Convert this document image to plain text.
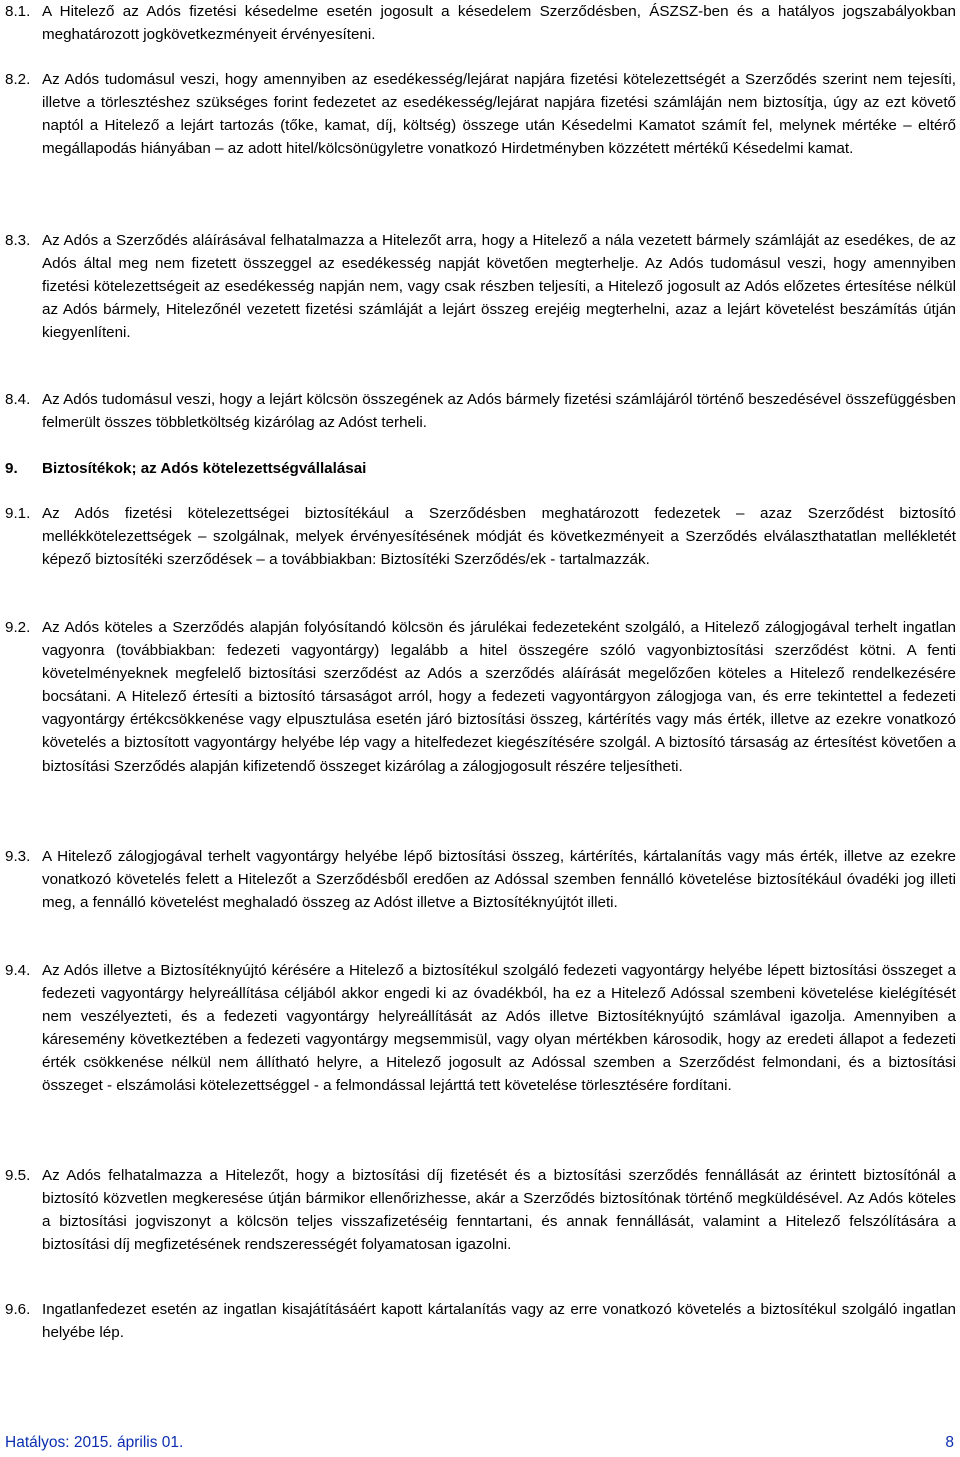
8.1. A Hitelező az Adós fizetési késedelme esetén jogosult a késedelem Szerződésben, ÁSZSZ-ben és a hatályos jogszabályokban meghatározott jogkövetkezményeit érvényesíteni.
8.2. Az Adós tudomásul veszi, hogy amennyiben az esedékesség/lejárat napjára fizetési kötelezettségét a Szerződés szerint nem tejesíti, illetve a törlesztéshez szükséges forint fedezetet az esedékesség/lejárat napjára fizetési számláján nem biztosítja, úgy az ezt követő naptól a Hitelező a lejárt tartozás (tőke, kamat, díj, költség) összege után Késedelmi Kamatot számít fel, melynek mértéke – eltérő megállapodás hiányában – az adott hitel/kölcsönügyletre vonatkozó Hirdetményben közzétett mértékű Késedelmi kamat.
8.3. Az Adós a Szerződés aláírásával felhatalmazza a Hitelezőt arra, hogy a Hitelező a nála vezetett bármely számláját az esedékes, de az Adós által meg nem fizetett összeggel az esedékesség napját követően megterhelje. Az Adós tudomásul veszi, hogy amennyiben fizetési kötelezettségeit az esedékesség napján nem, vagy csak részben teljesíti, a Hitelező jogosult az Adós előzetes értesítése nélkül az Adós bármely, Hitelezőnél vezetett fizetési számláját a lejárt összeg erejéig megterhelni, azaz a lejárt követelést beszámítás útján kiegyenlíteni.
8.4. Az Adós tudomásul veszi, hogy a lejárt kölcsön összegének az Adós bármely fizetési számlájáról történő beszedésével összefüggésben felmerült összes többletköltség kizárólag az Adóst terheli.
9. Biztosítékok; az Adós kötelezettségvállalásai
9.1. Az Adós fizetési kötelezettségei biztosítékául a Szerződésben meghatározott fedezetek – azaz Szerződést biztosító mellékkötelezettségek – szolgálnak, melyek érvényesítésének módját és következményeit a Szerződés elválaszthatatlan mellékletét képező biztosítéki szerződések – a továbbiakban: Biztosítéki Szerződés/ek - tartalmazzák.
9.2. Az Adós köteles a Szerződés alapján folyósítandó kölcsön és járulékai fedezeteként szolgáló, a Hitelező zálogjogával terhelt ingatlan vagyonra (továbbiakban: fedezeti vagyontárgy) legalább a hitel összegére szóló vagyonbiztosítási szerződést kötni. A fenti követelményeknek megfelelő biztosítási szerződést az Adós a szerződés aláírását megelőzően köteles a Hitelező rendelkezésére bocsátani. A Hitelező értesíti a biztosító társaságot arról, hogy a fedezeti vagyontárgyon zálogjoga van, és erre tekintettel a fedezeti vagyontárgy értékcsökkenése vagy elpusztulása esetén járó biztosítási összeg, kártérítés vagy más érték, illetve az ezekre vonatkozó követelés a biztosított vagyontárgy helyébe lép vagy a hitelfedezet kiegészítésére szolgál. A biztosító társaság az értesítést követően a biztosítási Szerződés alapján kifizetendő összeget kizárólag a zálogjogosult részére teljesítheti.
9.3. A Hitelező zálogjogával terhelt vagyontárgy helyébe lépő biztosítási összeg, kártérítés, kártalanítás vagy más érték, illetve az ezekre vonatkozó követelés felett a Hitelezőt a Szerződésből eredően az Adóssal szemben fennálló követelése biztosítékául óvadéki jog illeti meg, a fennálló követelést meghaladó összeg az Adóst illetve a Biztosítéknyújtót illeti.
9.4. Az Adós illetve a Biztosítéknyújtó kérésére a Hitelező a biztosítékul szolgáló fedezeti vagyontárgy helyébe lépett biztosítási összeget a fedezeti vagyontárgy helyreállítása céljából akkor engedi ki az óvadékból, ha ez a Hitelező Adóssal szembeni követelése kielégítését nem veszélyezteti, és a fedezeti vagyontárgy helyreállítását az Adós illetve Biztosítéknyújtó számlával igazolja. Amennyiben a káresemény következtében a fedezeti vagyontárgy megsemmisül, vagy olyan mértékben károsodik, hogy az eredeti állapot a fedezeti érték csökkenése nélkül nem állítható helyre, a Hitelező jogosult az Adóssal szemben a Szerződést felmondani, és a biztosítási összeget - elszámolási kötelezettséggel - a felmondással lejárttá tett követelése törlesztésére fordítani.
9.5. Az Adós felhatalmazza a Hitelezőt, hogy a biztosítási díj fizetését és a biztosítási szerződés fennállását az érintett biztosítónál a biztosító közvetlen megkeresése útján bármikor ellenőrizhesse, akár a Szerződés biztosítónak történő megküldésével. Az Adós köteles a biztosítási jogviszonyt a kölcsön teljes visszafizetéséig fenntartani, és annak fennállását, valamint a Hitelező felszólítására a biztosítási díj megfizetésének rendszerességét folyamatosan igazolni.
9.6. Ingatlanfedezet esetén az ingatlan kisajátításáért kapott kártalanítás vagy az erre vonatkozó követelés a biztosítékul szolgáló ingatlan helyébe lép.
Hatályos: 2015. április 01.	8
